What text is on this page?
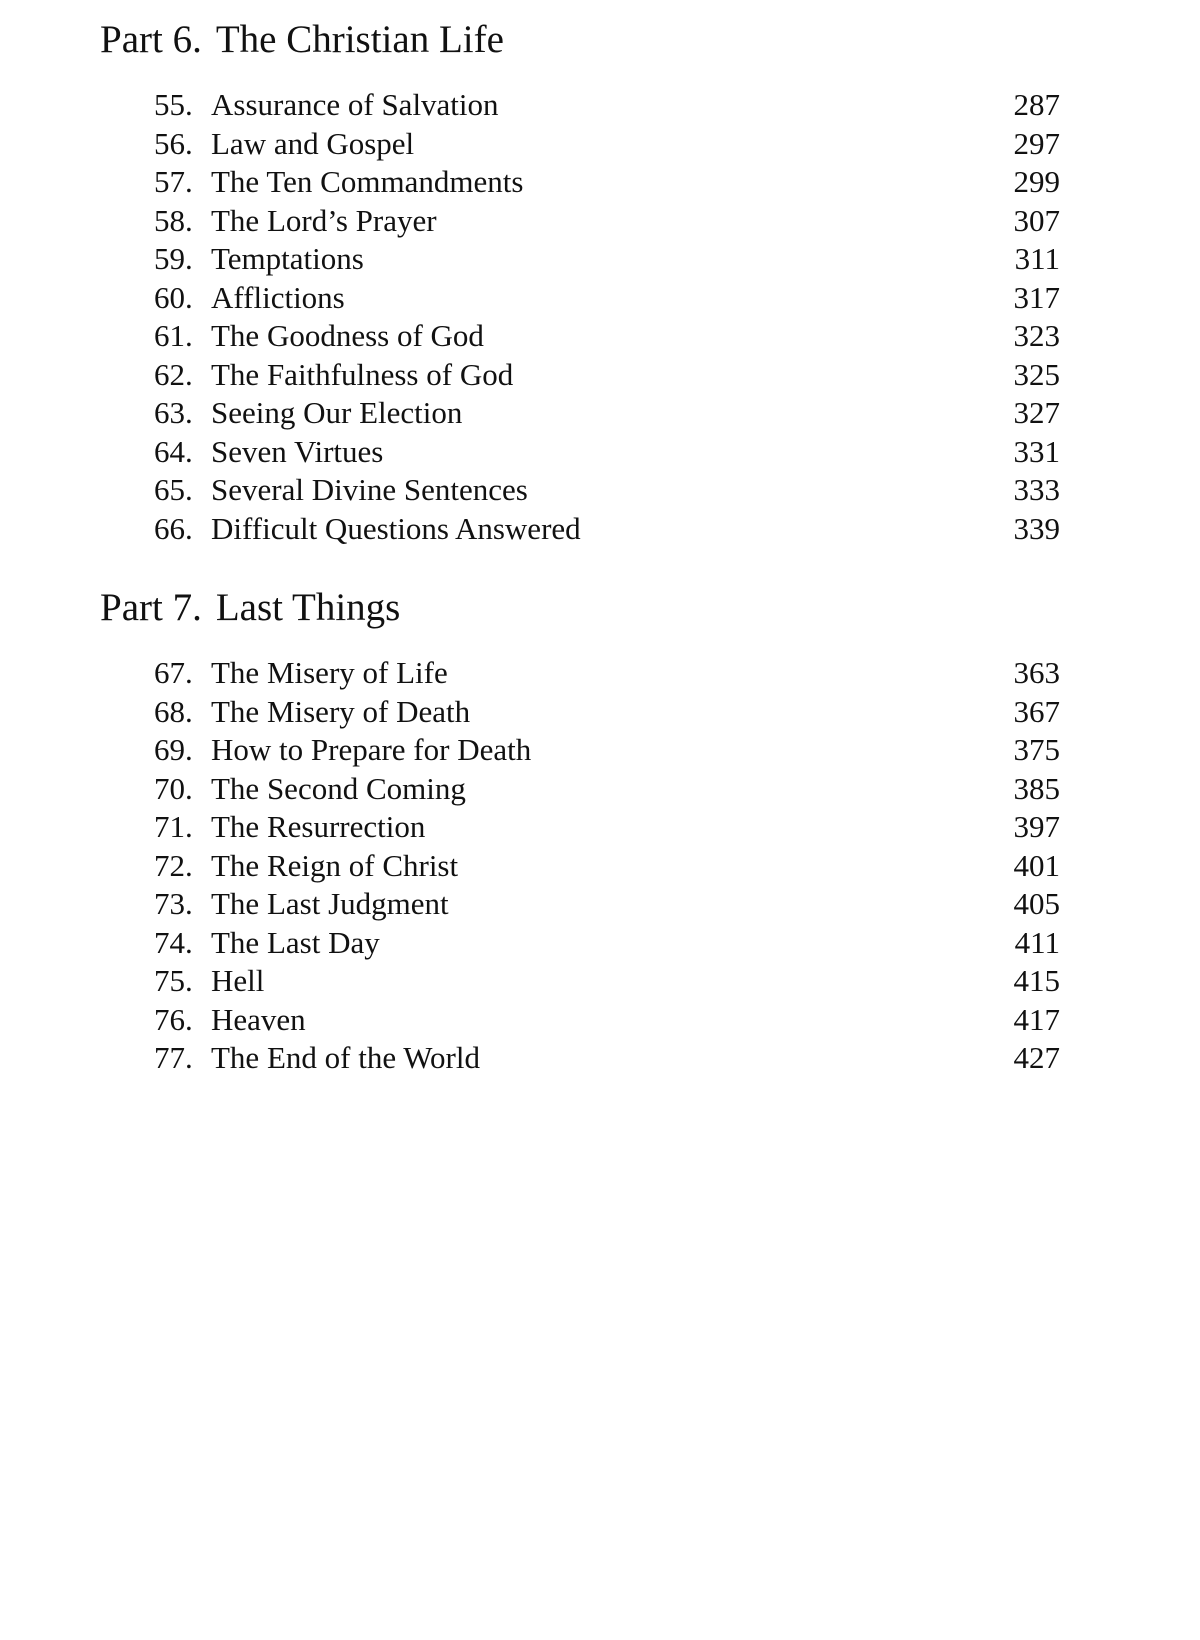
Part 6. The Christian Life
55. Assurance of Salvation	287
56. Law and Gospel	297
57. The Ten Commandments	299
58. The Lord’s Prayer	307
59. Temptations	311
60. Afflictions	317
61. The Goodness of God	323
62. The Faithfulness of God	325
63. Seeing Our Election	327
64. Seven Virtues	331
65. Several Divine Sentences	333
66. Difficult Questions Answered	339
Part 7. Last Things
67. The Misery of Life	363
68. The Misery of Death	367
69. How to Prepare for Death	375
70. The Second Coming	385
71. The Resurrection	397
72. The Reign of Christ	401
73. The Last Judgment	405
74. The Last Day	411
75. Hell	415
76. Heaven	417
77. The End of the World	427
